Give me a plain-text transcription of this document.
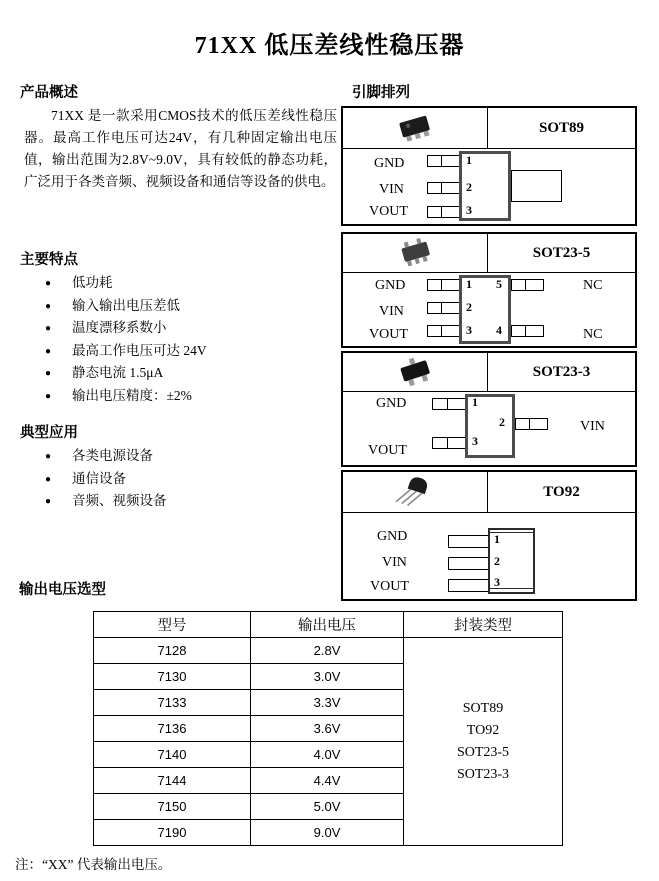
71XX 低压差线性稳压器
产品概述
71XX 是一款采用CMOS技术的低压差线性稳压器。最高工作电压可达24V，有几种固定输出电压值，输出范围为2.8V~9.0V，具有较低的静态功耗，广泛用于各类音频、视频设备和通信等设备的供电。
主要特点
● 低功耗
● 输入输出电压差低
● 温度漂移系数小
● 最高工作电压可达 24V
● 静态电流 1.5μA
● 输出电压精度：±2%
典型应用
● 各类电源设备
● 通信设备
● 音频、视频设备
输出电压选型
引脚排列
SOT89
GND
VIN
VOUT
1
2
3
SOT23-5
GND
VIN
VOUT
NC
NC
1
2
3
5
4
SOT23-3
GND
VOUT
VIN
1
3
2
TO92
GND
VIN
VOUT
1
2
3
型号	输出电压	封装类型
7128	2.8V	SOT89
TO92
SOT23-5
SOT23-3

7130	3.0V	
7133	3.3V	
7136	3.6V	
7140	4.0V	
7144	4.4V	
7150	5.0V	
7190	9.0V	
注：“XX” 代表输出电压。
